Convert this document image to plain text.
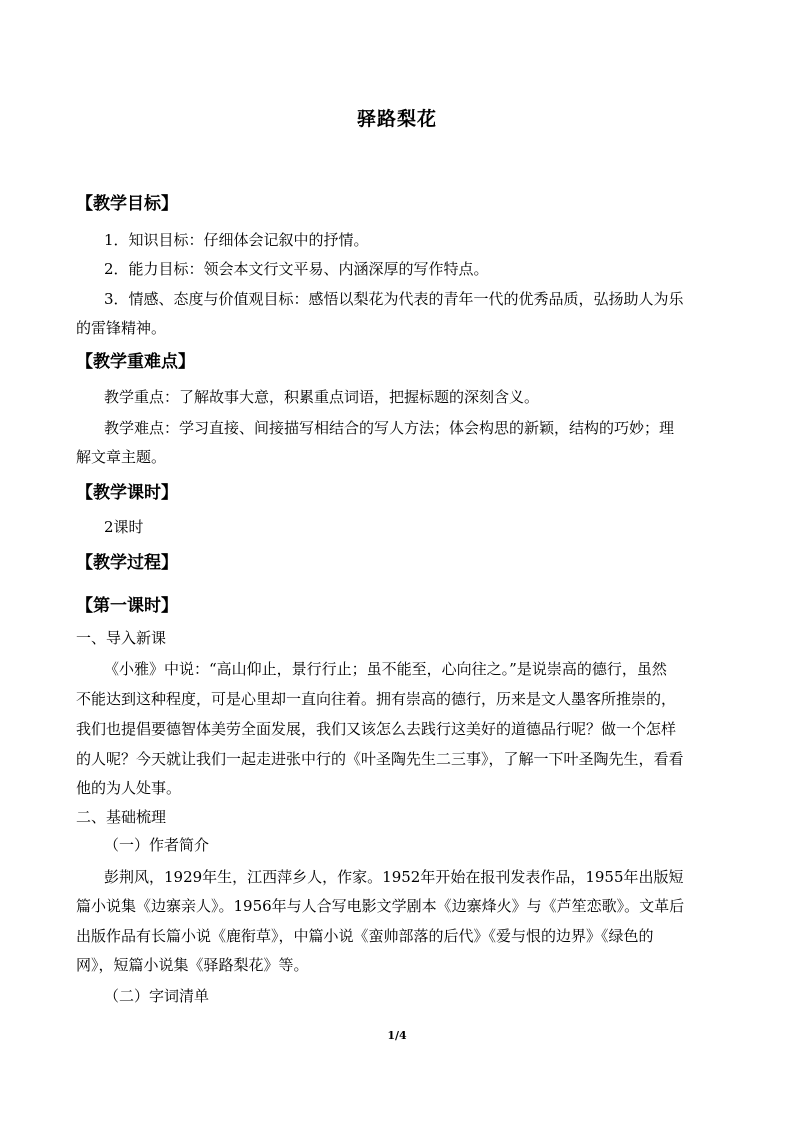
驿路梨花
【教学目标】
1．知识目标：仔细体会记叙中的抒情。
2．能力目标：领会本文行文平易、内涵深厚的写作特点。
3．情感、态度与价值观目标：感悟以梨花为代表的青年一代的优秀品质，弘扬助人为乐
的雷锋精神。
【教学重难点】
教学重点：了解故事大意，积累重点词语，把握标题的深刻含义。
教学难点：学习直接、间接描写相结合的写人方法；体会构思的新颖，结构的巧妙；理
解文章主题。
【教学课时】
2课时
【教学过程】
【第一课时】
一、导入新课
《小雅》中说：“高山仰止，景行行止；虽不能至，心向往之。”是说崇高的德行，虽然
不能达到这种程度，可是心里却一直向往着。拥有崇高的德行，历来是文人墨客所推崇的，
我们也提倡要德智体美劳全面发展，我们又该怎么去践行这美好的道德品行呢？做一个怎样
的人呢？今天就让我们一起走进张中行的《叶圣陶先生二三事》，了解一下叶圣陶先生，看看
他的为人处事。
二、基础梳理
（一）作者简介
彭荆风，1929年生，江西萍乡人，作家。1952年开始在报刊发表作品，1955年出版短
篇小说集《边寨亲人》。1956年与人合写电影文学剧本《边寨烽火》与《芦笙恋歌》。文革后
出版作品有长篇小说《鹿衔草》，中篇小说《蛮帅部落的后代》《爱与恨的边界》《绿色的
网》，短篇小说集《驿路梨花》等。
（二）字词清单
1/4
